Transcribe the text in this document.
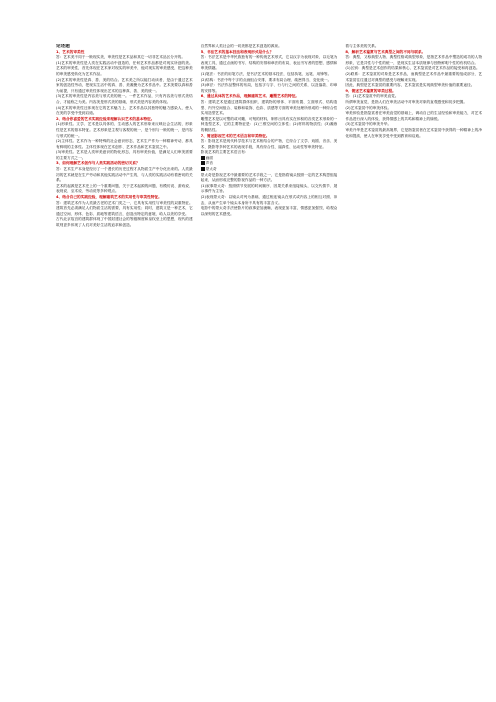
论述题
1、艺术的审美性
答：艺术美不同于一般现实美，审美性是艺术品和其它一切非艺术品区分开的。
(1)艺术的审美性是人类在实践活动中创造的，任何艺术作品都是对现实所创的美。艺术的审美性，首先体现在艺术家对现实的审美中，他对现实的审美感受，把这种美的审美感受转化为艺术作品。
(2)艺术的审美性是真、善、美的结合。艺术美之所以能打动读者，是由于通过艺术家的创造性劳动，把现实生活中的真、善、美凝聚为艺术作品中。艺术美要以真和善为前提，只有通过审美性体现出艺术的这种真、善、美的统一。
(3)艺术的审美性是内容美与形式美的统一。一件艺术作品，只有内容美与形式美结合，才能称之为美。内容美是形式美的基础，形式美是内容美的体现。
(4)艺术的审美性还体现在它的艺术魅力上，艺术作品以其独特的魅力感染人，使人在美的享受中受到启迪。
2、结合你喜爱的艺术实践经验来理解认识艺术的基本特征。
(1)形象性。文学、艺术是以具体的、生动感人的艺术形象来反映社会生活的，形象性是艺术的基本特征。艺术形象是主观与客观的统一，是个别与一般的统一，是内容与形式的统一。
(2)主体性。艺术作为一种特殊的社会意识形态，艺术生产作为一种精神劳动，都具有鲜明的主体性。主体性体现在艺术创作、艺术作品和艺术鉴赏之中。
(3)审美性。艺术是人类审美意识的物化形态，具有审美价值，是满足人们审美需要的主要方式之一。
3、如何理解艺术创作与人类实践活动的密切关系？
答：艺术生产本身是经历了一个漫长的历史过程才从物质生产中分化出来的。人类最初的艺术就是在生产劳动和其他实践活动中产生的，与人类的实践活动有着密切的关系。
艺术的起源是艺术史上的一个重要问题，关于艺术起源的问题，有模仿说、游戏说、表现说、巫术说、劳动说等多种观点。
4、结合自己的实践经验，理解建筑艺术的实用性与审美性特征。
答：建筑艺术作为人类最古老的艺术门类之一，它具有实用性与审美性的双重特征。建筑首先必须满足人们物质生活的需要，具有实用性；同时，建筑又是一种艺术，它通过空间、形体、色彩、质地等建筑语言，创造出特定的意境，给人以美的享受。
古代北京故宫的建筑群体现了中国封建社会的等级制度和皇权至上的思想，现代的建筑则更多体现了人们对美好生活的追求和创造。
自然界和人类社会的一切美都是艺术创造的源泉。
5、书法艺术的基本技法和表现形式是什么？
答：书法艺术是中华民族独有的一种传统艺术形式，它以汉字为表现对象，以毛笔为表现工具，通过点画的书写、结构的安排和章法的布局，表达书写者的思想、感情和审美情趣。
(1)笔法：书法的用笔方法，是书法艺术的基本技法，包括执笔、运笔、用锋等。
(2)结构：书法中每个字的点画组合安排，要求布局合理、疏密得当、变化统一。
(3)章法：书法作品整体的布局，包括字与字、行与行之间的关系，以及落款、印章的安排等。
6、通过具体的艺术作品，理解建筑艺术、雕塑艺术的特征。
答：建筑艺术是通过建筑群体组织、建筑物的形体、平面布置、立面形式、结构造型、内外空间组合、装修和装饰、色彩、质感等方面的审美处理所形成的一种综合性实用造型艺术。
雕塑艺术是以可塑的或可雕、可刻的材料，制作出具有实在体积的各类艺术形象的一种造型艺术，它的主要特征是：(1)三维空间的立体性；(2)材料的物质性；(3)凝练的概括性。
7、简述影视艺术的艺术语言和审美特征。
答：影视艺术是现代科学技术与艺术相结合的产物，它综合了文学、戏剧、音乐、美术、摄影等多种艺术的表现手段，具有综合性、逼真性、运动性等审美特征。
影视艺术的主要艺术语言有：
画面
声音
蒙太奇
蒙太奇是影视艺术中最重要的艺术手段之一，它是指将镜头按照一定的艺术构思组接起来，从而形成完整的影视作品的一种方法。
(1)叙事蒙太奇：按照情节发展的时间顺序、因果关系来组接镜头，以交代情节、展示事件为主旨。
(2)表现蒙太奇：以镜头对列为基础，通过相连镜头在形式或内容上的相互对照、冲击，从而产生单个镜头本身所不具有的丰富含义。
电影中的蒙太奇手法使影片的叙事更加流畅，表现更加丰富，情感更加强烈，给观众以深刻的艺术感受。
着与主体美的关系。
8、解析艺术鉴赏与艺术典型之间的不同与联系。
答：典型，又称典型人物、典型性格或典型形象，是指艺术作品中塑造的成功的人物形象，它是共性与个性的统一，是现实生活本质规律与独特鲜明个性的有机结合。
(1)区别：典型是艺术创作的结果和核心，艺术鉴赏是对艺术作品的接受和再创造。
(2)联系：艺术鉴赏的对象是艺术作品，而典型是艺术作品中最重要的组成部分，艺术鉴赏往往通过对典型的感受与理解来实现。
因此，典型是艺术鉴赏的重要内容，艺术鉴赏是实现典型审美价值的重要途径。
9、简述艺术鉴赏的审美过程。
答：(1)艺术鉴赏中的审美直觉。
所谓审美直觉，是指人们在审美活动中对审美对象的直观感受和初步把握。
(2)艺术鉴赏中的审美体验。
审美体验是指鉴赏者在审美直觉的基础上，调动自己的生活经验和审美能力，对艺术作品进行深入的体验，获得情感上的共鸣和精神上的愉悦。
(3)艺术鉴赏中的审美升华。
审美升华是艺术鉴赏的最高境界，它是指鉴赏者在艺术鉴赏中获得的一种精神上的净化和提高，使人在审美享受中受到教育和启迪。
